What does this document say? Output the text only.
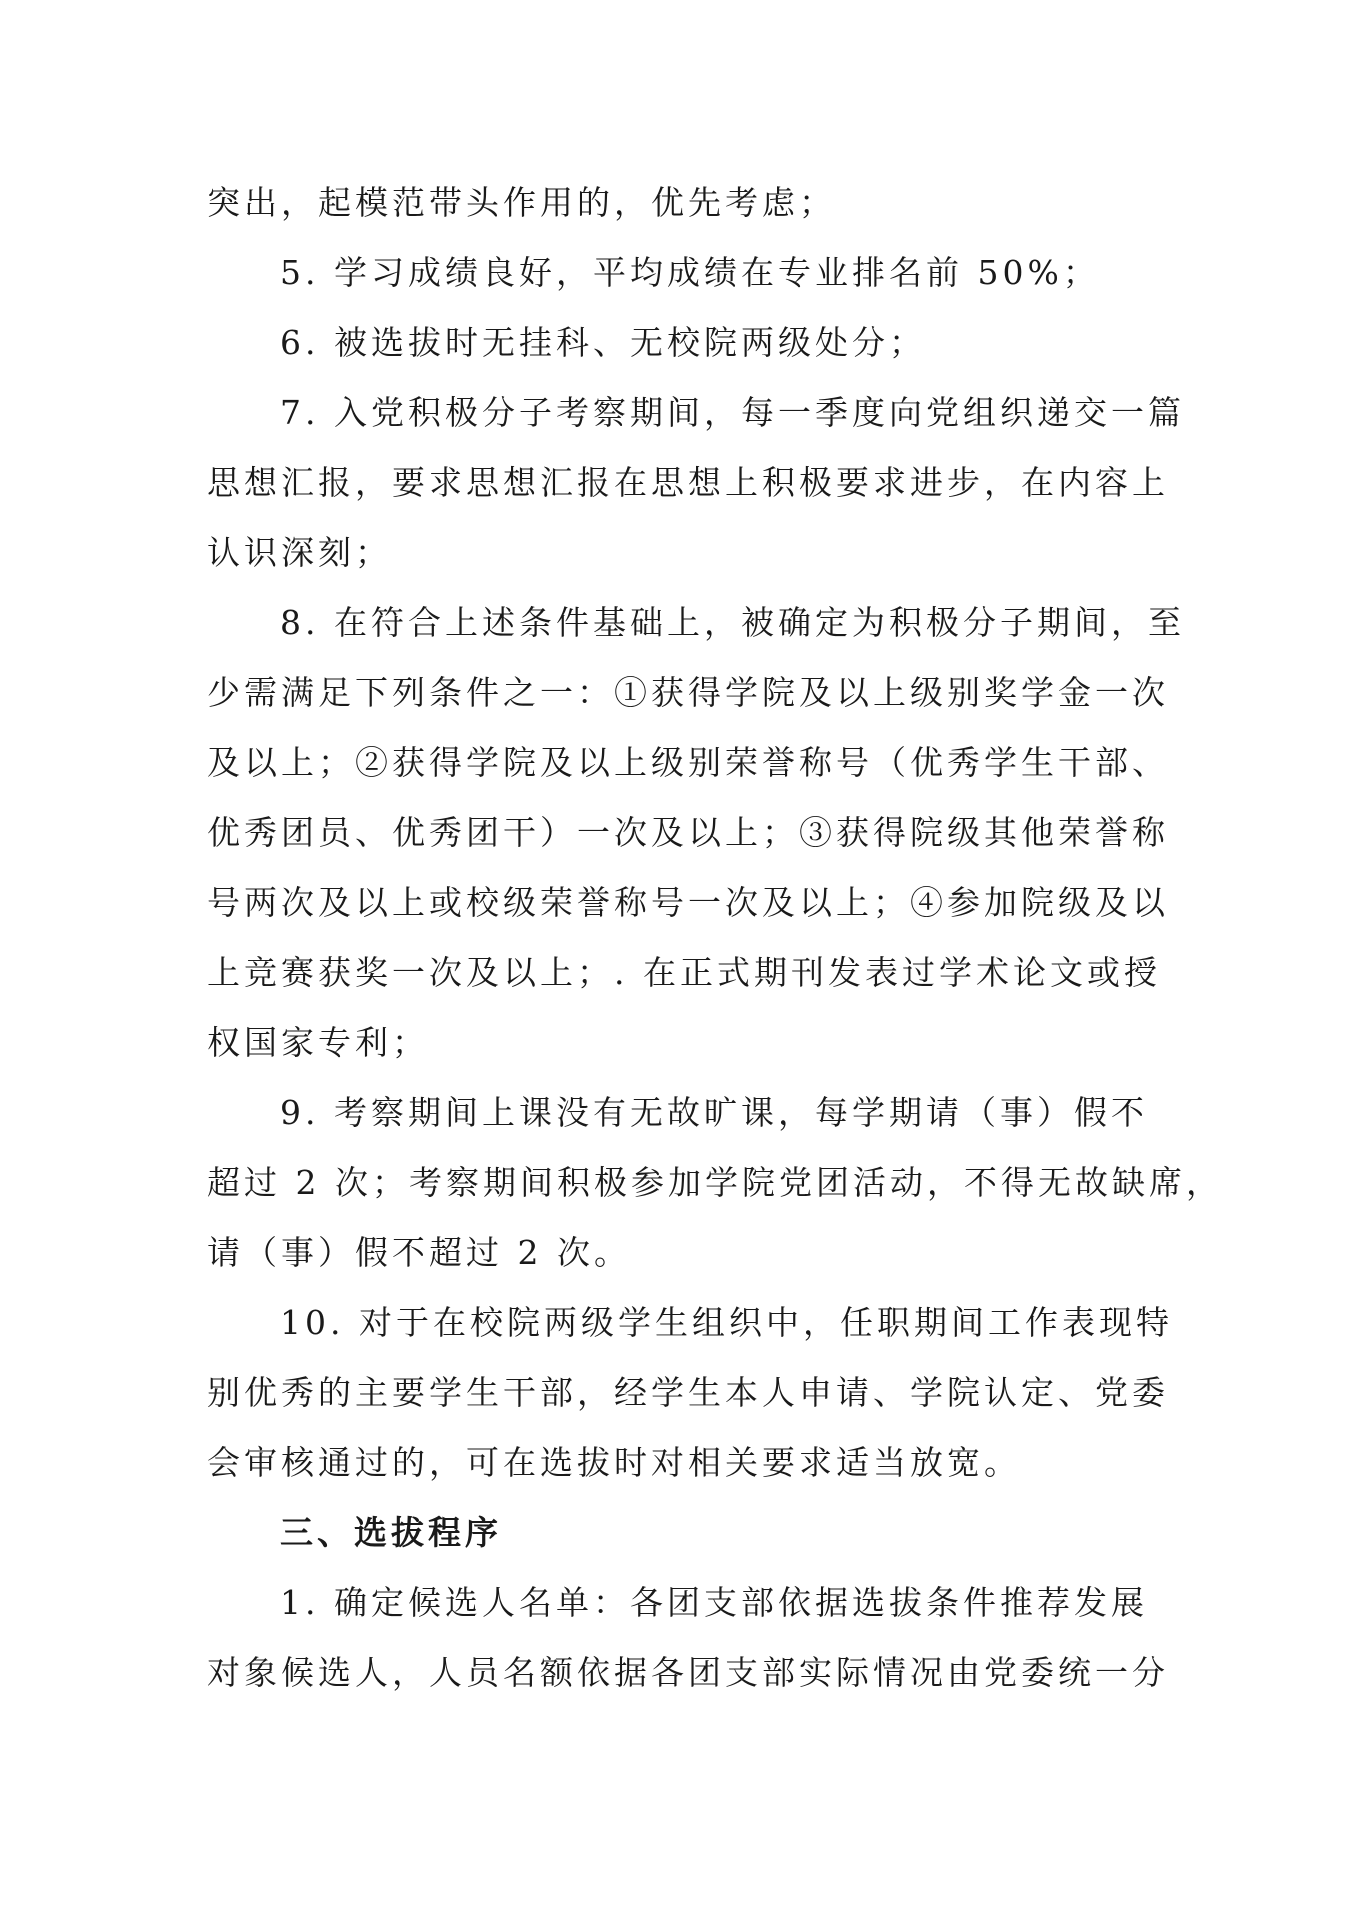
突出，起模范带头作用的，优先考虑；
5. 学习成绩良好，平均成绩在专业排名前 50%；
6. 被选拔时无挂科、无校院两级处分；
7. 入党积极分子考察期间，每一季度向党组织递交一篇
思想汇报，要求思想汇报在思想上积极要求进步，在内容上
认识深刻；
8. 在符合上述条件基础上，被确定为积极分子期间，至
少需满足下列条件之一：①获得学院及以上级别奖学金一次
及以上；②获得学院及以上级别荣誉称号（优秀学生干部、
优秀团员、优秀团干）一次及以上；③获得院级其他荣誉称
号两次及以上或校级荣誉称号一次及以上；④参加院级及以
上竞赛获奖一次及以上；. 在正式期刊发表过学术论文或授
权国家专利；
9. 考察期间上课没有无故旷课，每学期请（事）假不
超过 2 次；考察期间积极参加学院党团活动，不得无故缺席，
请（事）假不超过 2 次。
10. 对于在校院两级学生组织中，任职期间工作表现特
别优秀的主要学生干部，经学生本人申请、学院认定、党委
会审核通过的，可在选拔时对相关要求适当放宽。
三、选拔程序
1. 确定候选人名单：各团支部依据选拔条件推荐发展
对象候选人，人员名额依据各团支部实际情况由党委统一分
